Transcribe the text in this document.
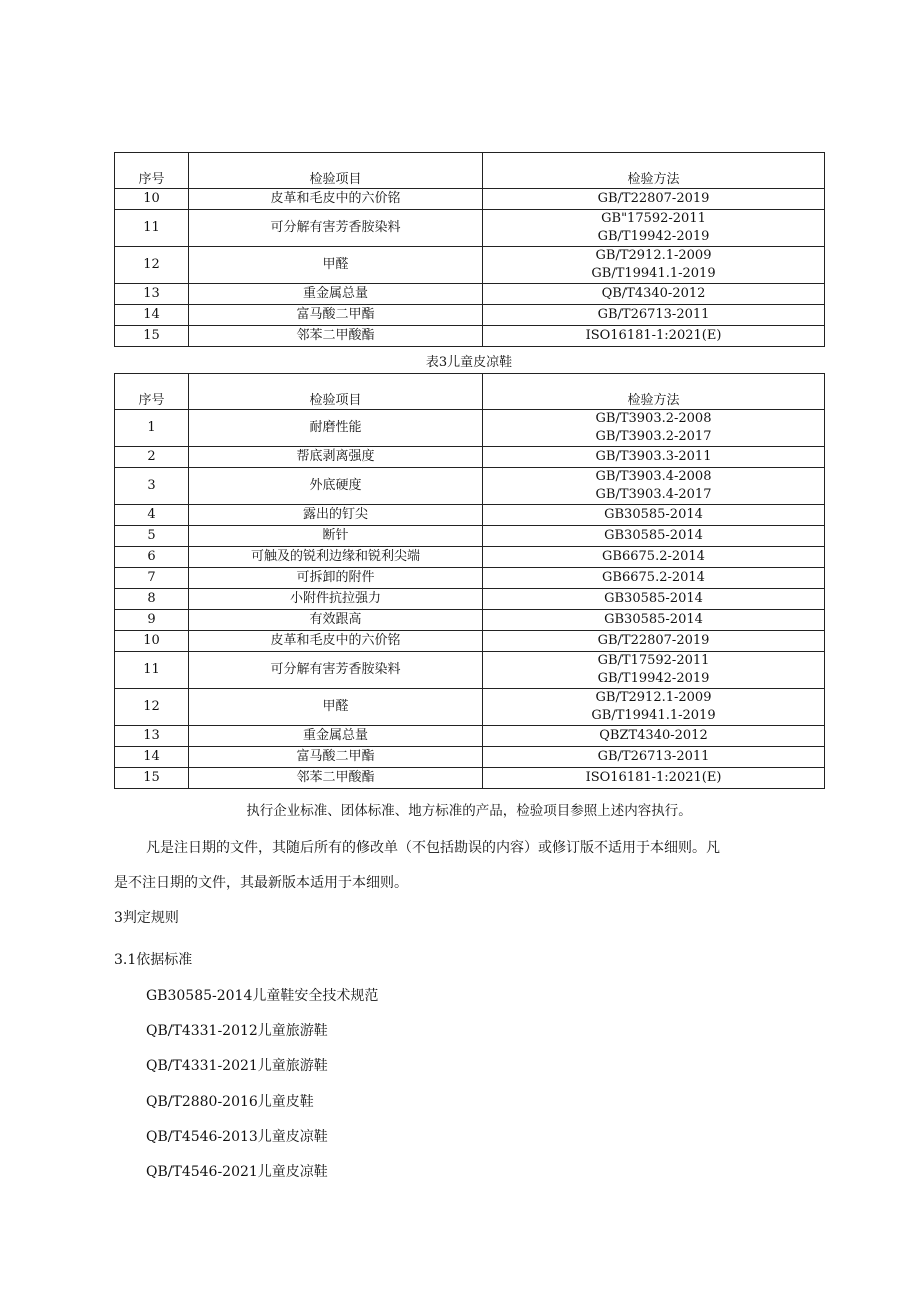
序号	检验项目	检验方法
10	皮革和毛皮中的六价铭	GB/T22807-2019

11	可分解有害芳香胺染料	GB"17592-2011
GB/T19942-2019

12	甲醛	GB/T2912.1-2009
GB/T19941.1-2019

13	重金属总量	QB/T4340-2012

14	富马酸二甲酯	GB/T26713-2011

15	邻苯二甲酸酯	ISO16181-1:2021(E)
表3儿童皮凉鞋
序号	检验项目	检验方法
1	耐磨性能	GB/T3903.2-2008
GB/T3903.2-2017

2	帮底剥离强度	GB/T3903.3-2011

3	外底硬度	GB/T3903.4-2008
GB/T3903.4-2017

4	露出的钉尖	GB30585-2014

5	断针	GB30585-2014

6	可触及的锐利边缘和锐利尖端	GB6675.2-2014

7	可拆卸的附件	GB6675.2-2014

8	小附件抗拉强力	GB30585-2014

9	有效跟高	GB30585-2014

10	皮革和毛皮中的六价铭	GB/T22807-2019

11	可分解有害芳香胺染料	GB/T17592-2011
GB/T19942-2019

12	甲醛	GB/T2912.1-2009
GB/T19941.1-2019

13	重金属总量	QBZT4340-2012

14	富马酸二甲酯	GB/T26713-2011

15	邻苯二甲酸酯	ISO16181-1:2021(E)
执行企业标准、团体标准、地方标准的产品，检验项目参照上述内容执行。
凡是注日期的文件，其随后所有的修改单（不包括勘误的内容）或修订版不适用于本细则。凡
是不注日期的文件，其最新版本适用于本细则。
3判定规则
3.1依据标准
GB30585-2014儿童鞋安全技术规范
QB/T4331-2012儿童旅游鞋
QB/T4331-2021儿童旅游鞋
QB/T2880-2016儿童皮鞋
QB/T4546-2013儿童皮凉鞋
QB/T4546-2021儿童皮凉鞋
